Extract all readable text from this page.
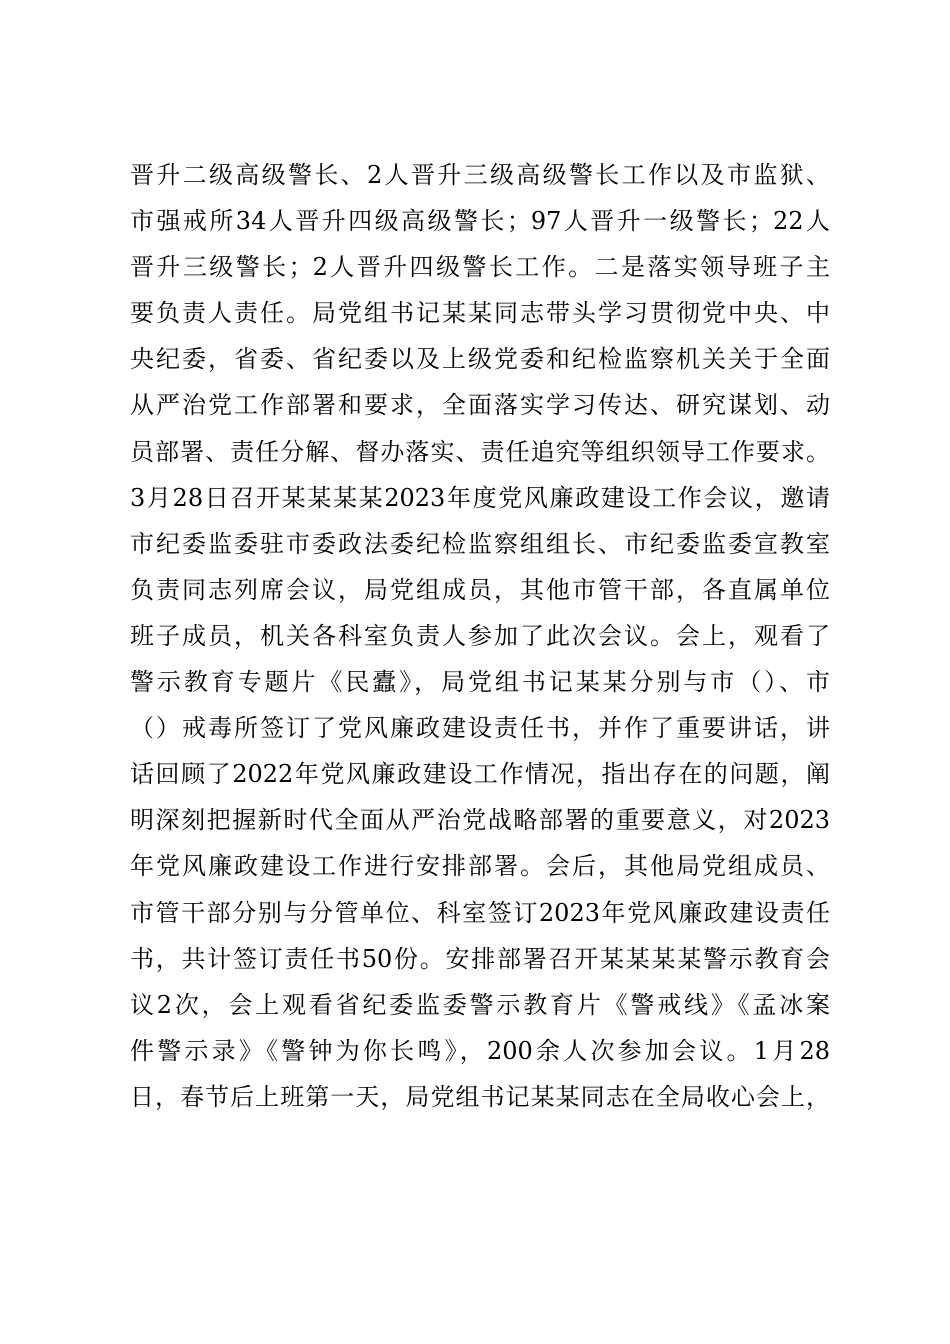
晋升二级高级警长、2人晋升三级高级警长工作以及市监狱、
市强戒所34人晋升四级高级警长；97人晋升一级警长；22人
晋升三级警长；2人晋升四级警长工作。二是落实领导班子主
要负责人责任。局党组书记某某同志带头学习贯彻党中央、中
央纪委，省委、省纪委以及上级党委和纪检监察机关关于全面
从严治党工作部署和要求，全面落实学习传达、研究谋划、动
员部署、责任分解、督办落实、责任追究等组织领导工作要求。
3月28日召开某某某某2023年度党风廉政建设工作会议，邀请
市纪委监委驻市委政法委纪检监察组组长、市纪委监委宣教室
负责同志列席会议，局党组成员，其他市管干部，各直属单位
班子成员，机关各科室负责人参加了此次会议。会上，观看了
警示教育专题片《民蠹》，局党组书记某某分别与市（）、市
（）戒毒所签订了党风廉政建设责任书，并作了重要讲话，讲
话回顾了2022年党风廉政建设工作情况，指出存在的问题，阐
明深刻把握新时代全面从严治党战略部署的重要意义，对2023
年党风廉政建设工作进行安排部署。会后，其他局党组成员、
市管干部分别与分管单位、科室签订2023年党风廉政建设责任
书，共计签订责任书50份。安排部署召开某某某某警示教育会
议2次，会上观看省纪委监委警示教育片《警戒线》《孟冰案
件警示录》《警钟为你长鸣》，200余人次参加会议。1月28
日，春节后上班第一天，局党组书记某某同志在全局收心会上，
